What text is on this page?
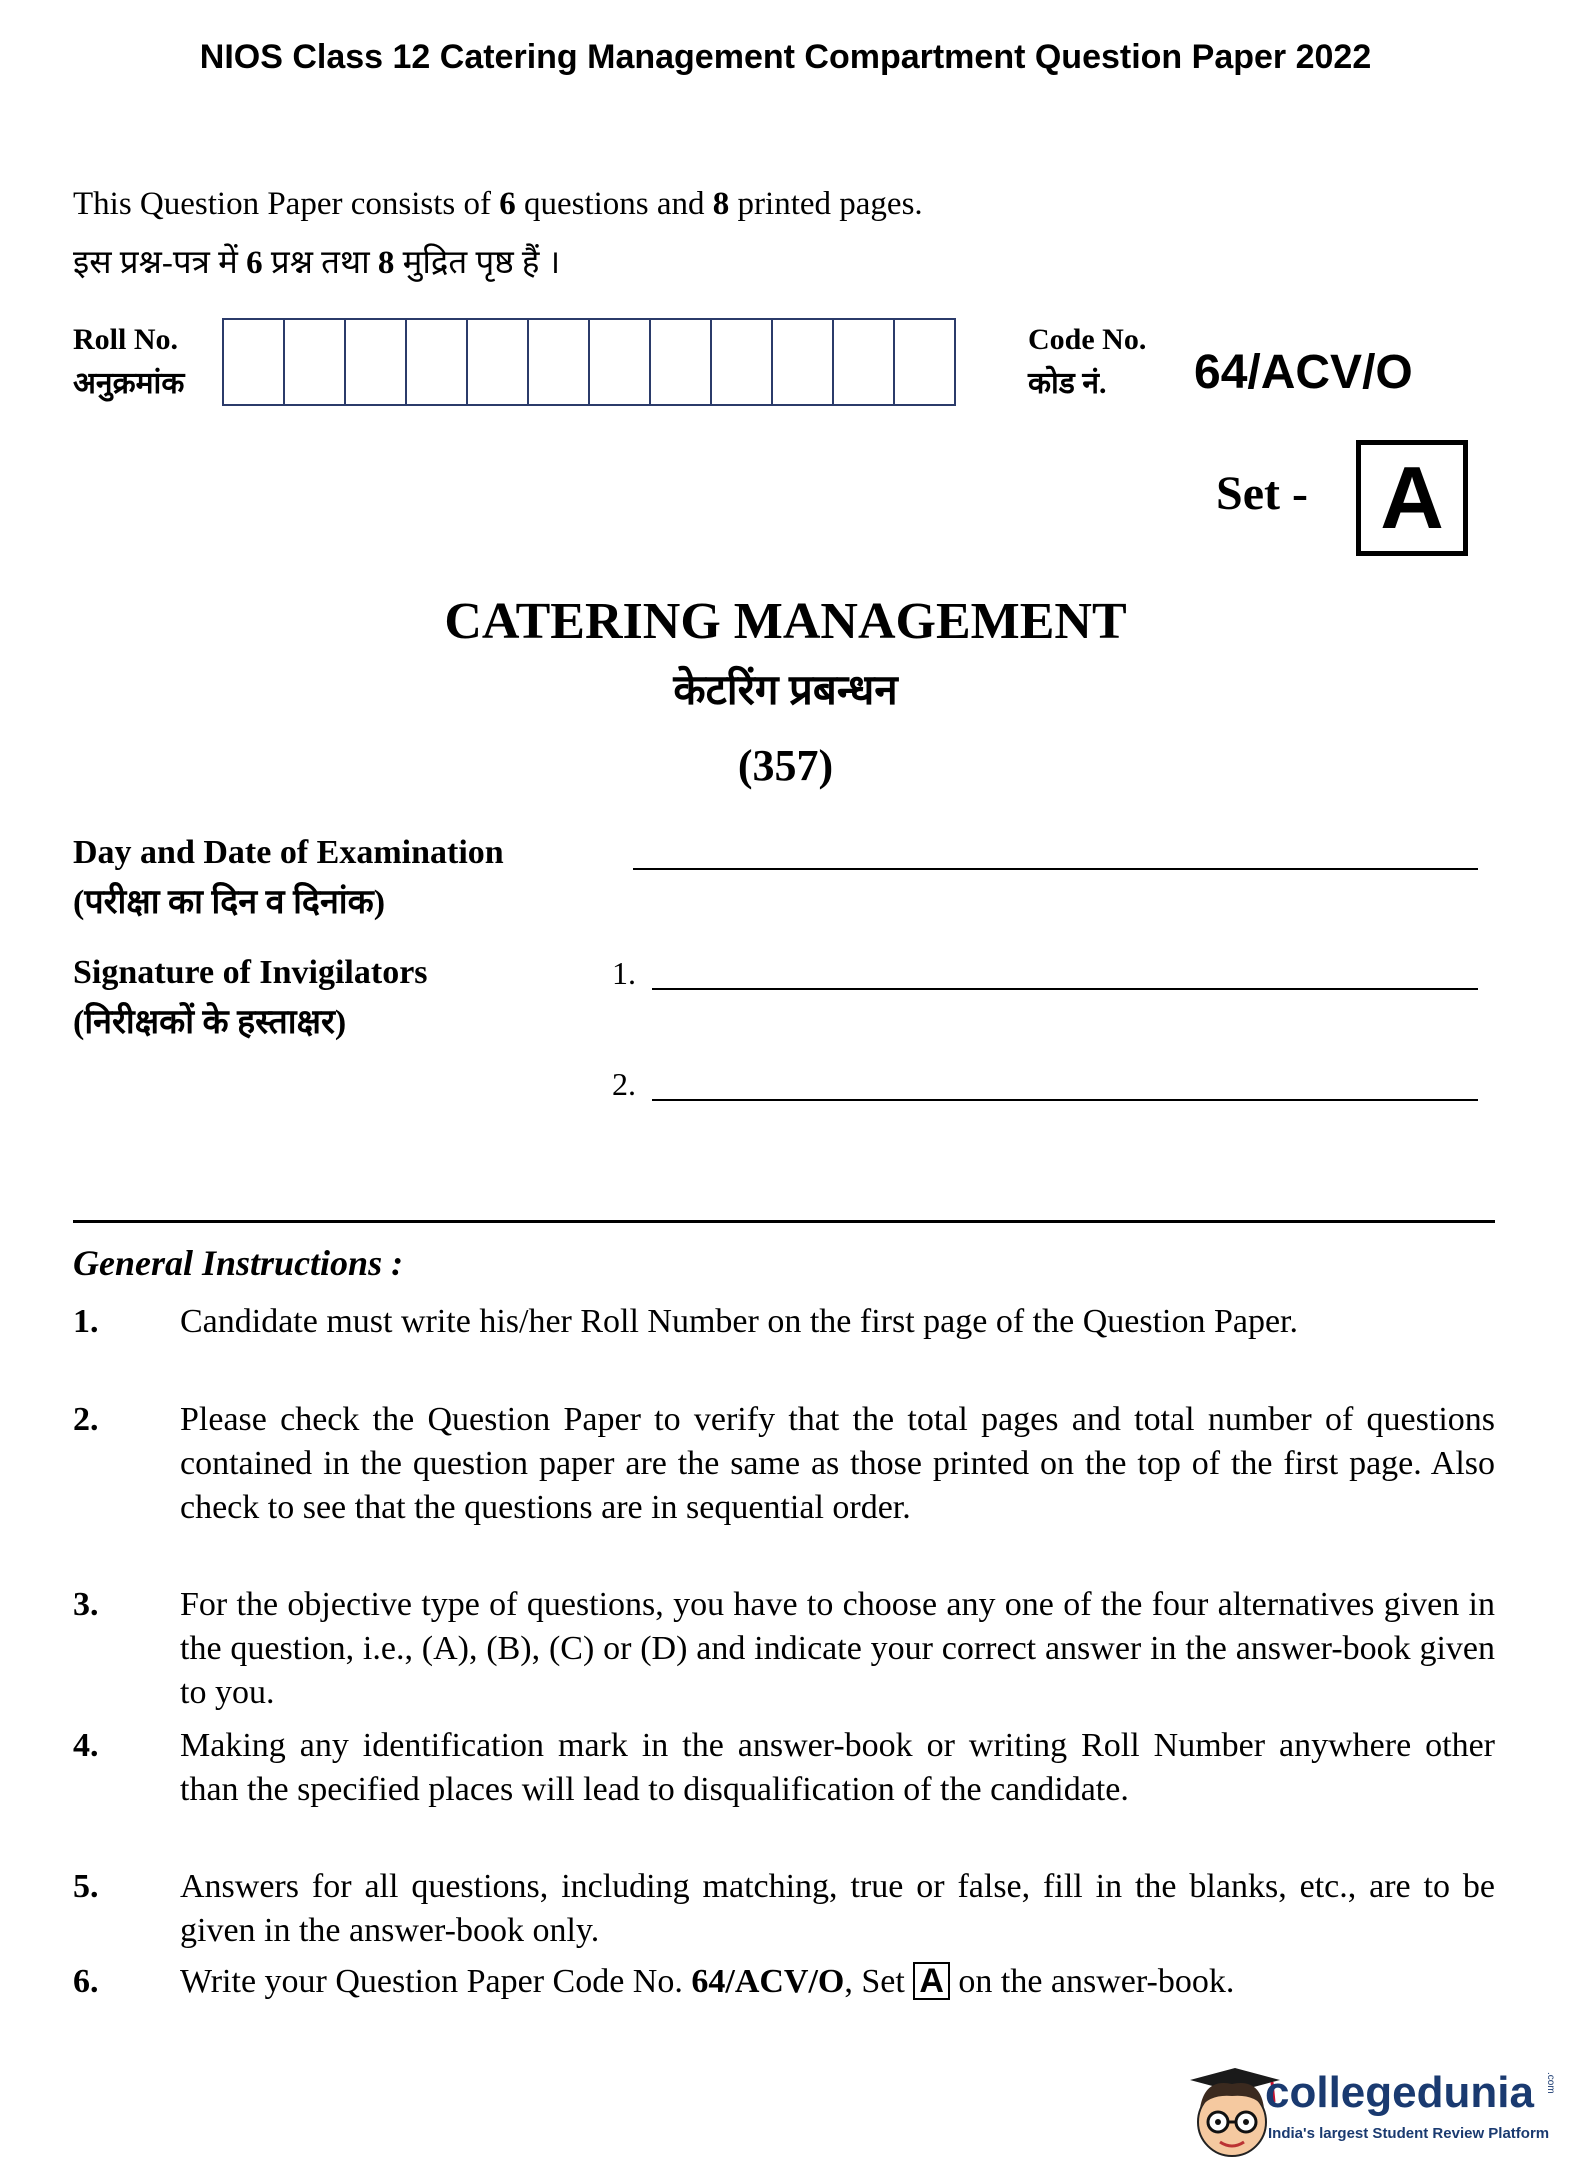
NIOS Class 12 Catering Management Compartment Question Paper 2022
This Question Paper consists of 6 questions and 8 printed pages.
इस प्रश्न-पत्र में 6 प्रश्न तथा 8 मुद्रित पृष्ठ हैं ।
Roll No.
अनुक्रमांक
Code No.
कोड नं.	64/ACV/O
Set - A
CATERING MANAGEMENT
केटरिंग प्रबन्धन
(357)
Day and Date of Examination
(परीक्षा का दिन व दिनांक)
Signature of Invigilators
(निरीक्षकों के हस्ताक्षर)
1.
2.
General Instructions :
1.	Candidate must write his/her Roll Number on the first page of the Question Paper.
2.	Please check the Question Paper to verify that the total pages and total number of questions contained in the question paper are the same as those printed on the top of the first page. Also check to see that the questions are in sequential order.
3.	For the objective type of questions, you have to choose any one of the four alternatives given in the question, i.e., (A), (B), (C) or (D) and indicate your correct answer in the answer-book given to you.
4.	Making any identification mark in the answer-book or writing Roll Number anywhere other than the specified places will lead to disqualification of the candidate.
5.	Answers for all questions, including matching, true or false, fill in the blanks, etc., are to be given in the answer-book only.
6.	Write your Question Paper Code No. 64/ACV/O, Set A on the answer-book.
collegedunia .com
India's largest Student Review Platform
